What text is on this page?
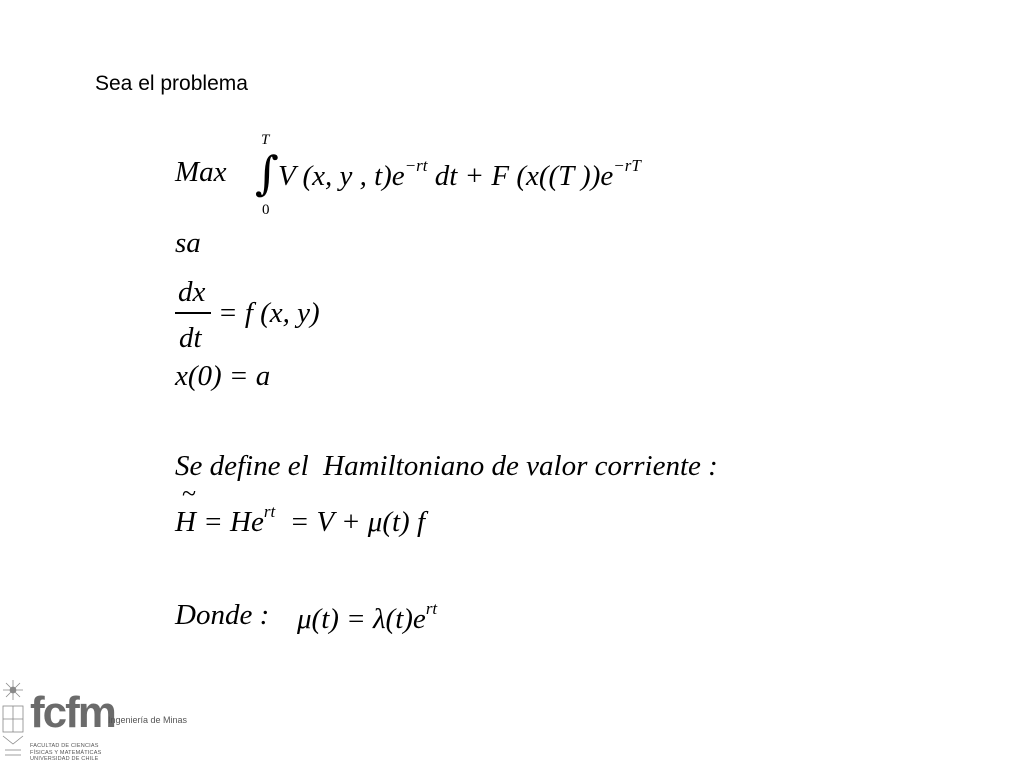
Sea el problema
Max
T
∫
0
V (x, y , $t)e^{-rt}$ dt + F (x((T ))$e^{-rT}$
sa
dx
dt
= f (x, y)
x(0) = a
Se define el  Hamiltoniano de valor corriente :
~
$H = He^{rt} = V + \mu(t)$ f
Donde : $\mu(t) = \lambda(t)e^{rt}$
fcfm
Ingeniería de Minas
FACULTAD DE CIENCIAS
FÍSICAS Y MATEMÁTICAS
UNIVERSIDAD DE CHILE
